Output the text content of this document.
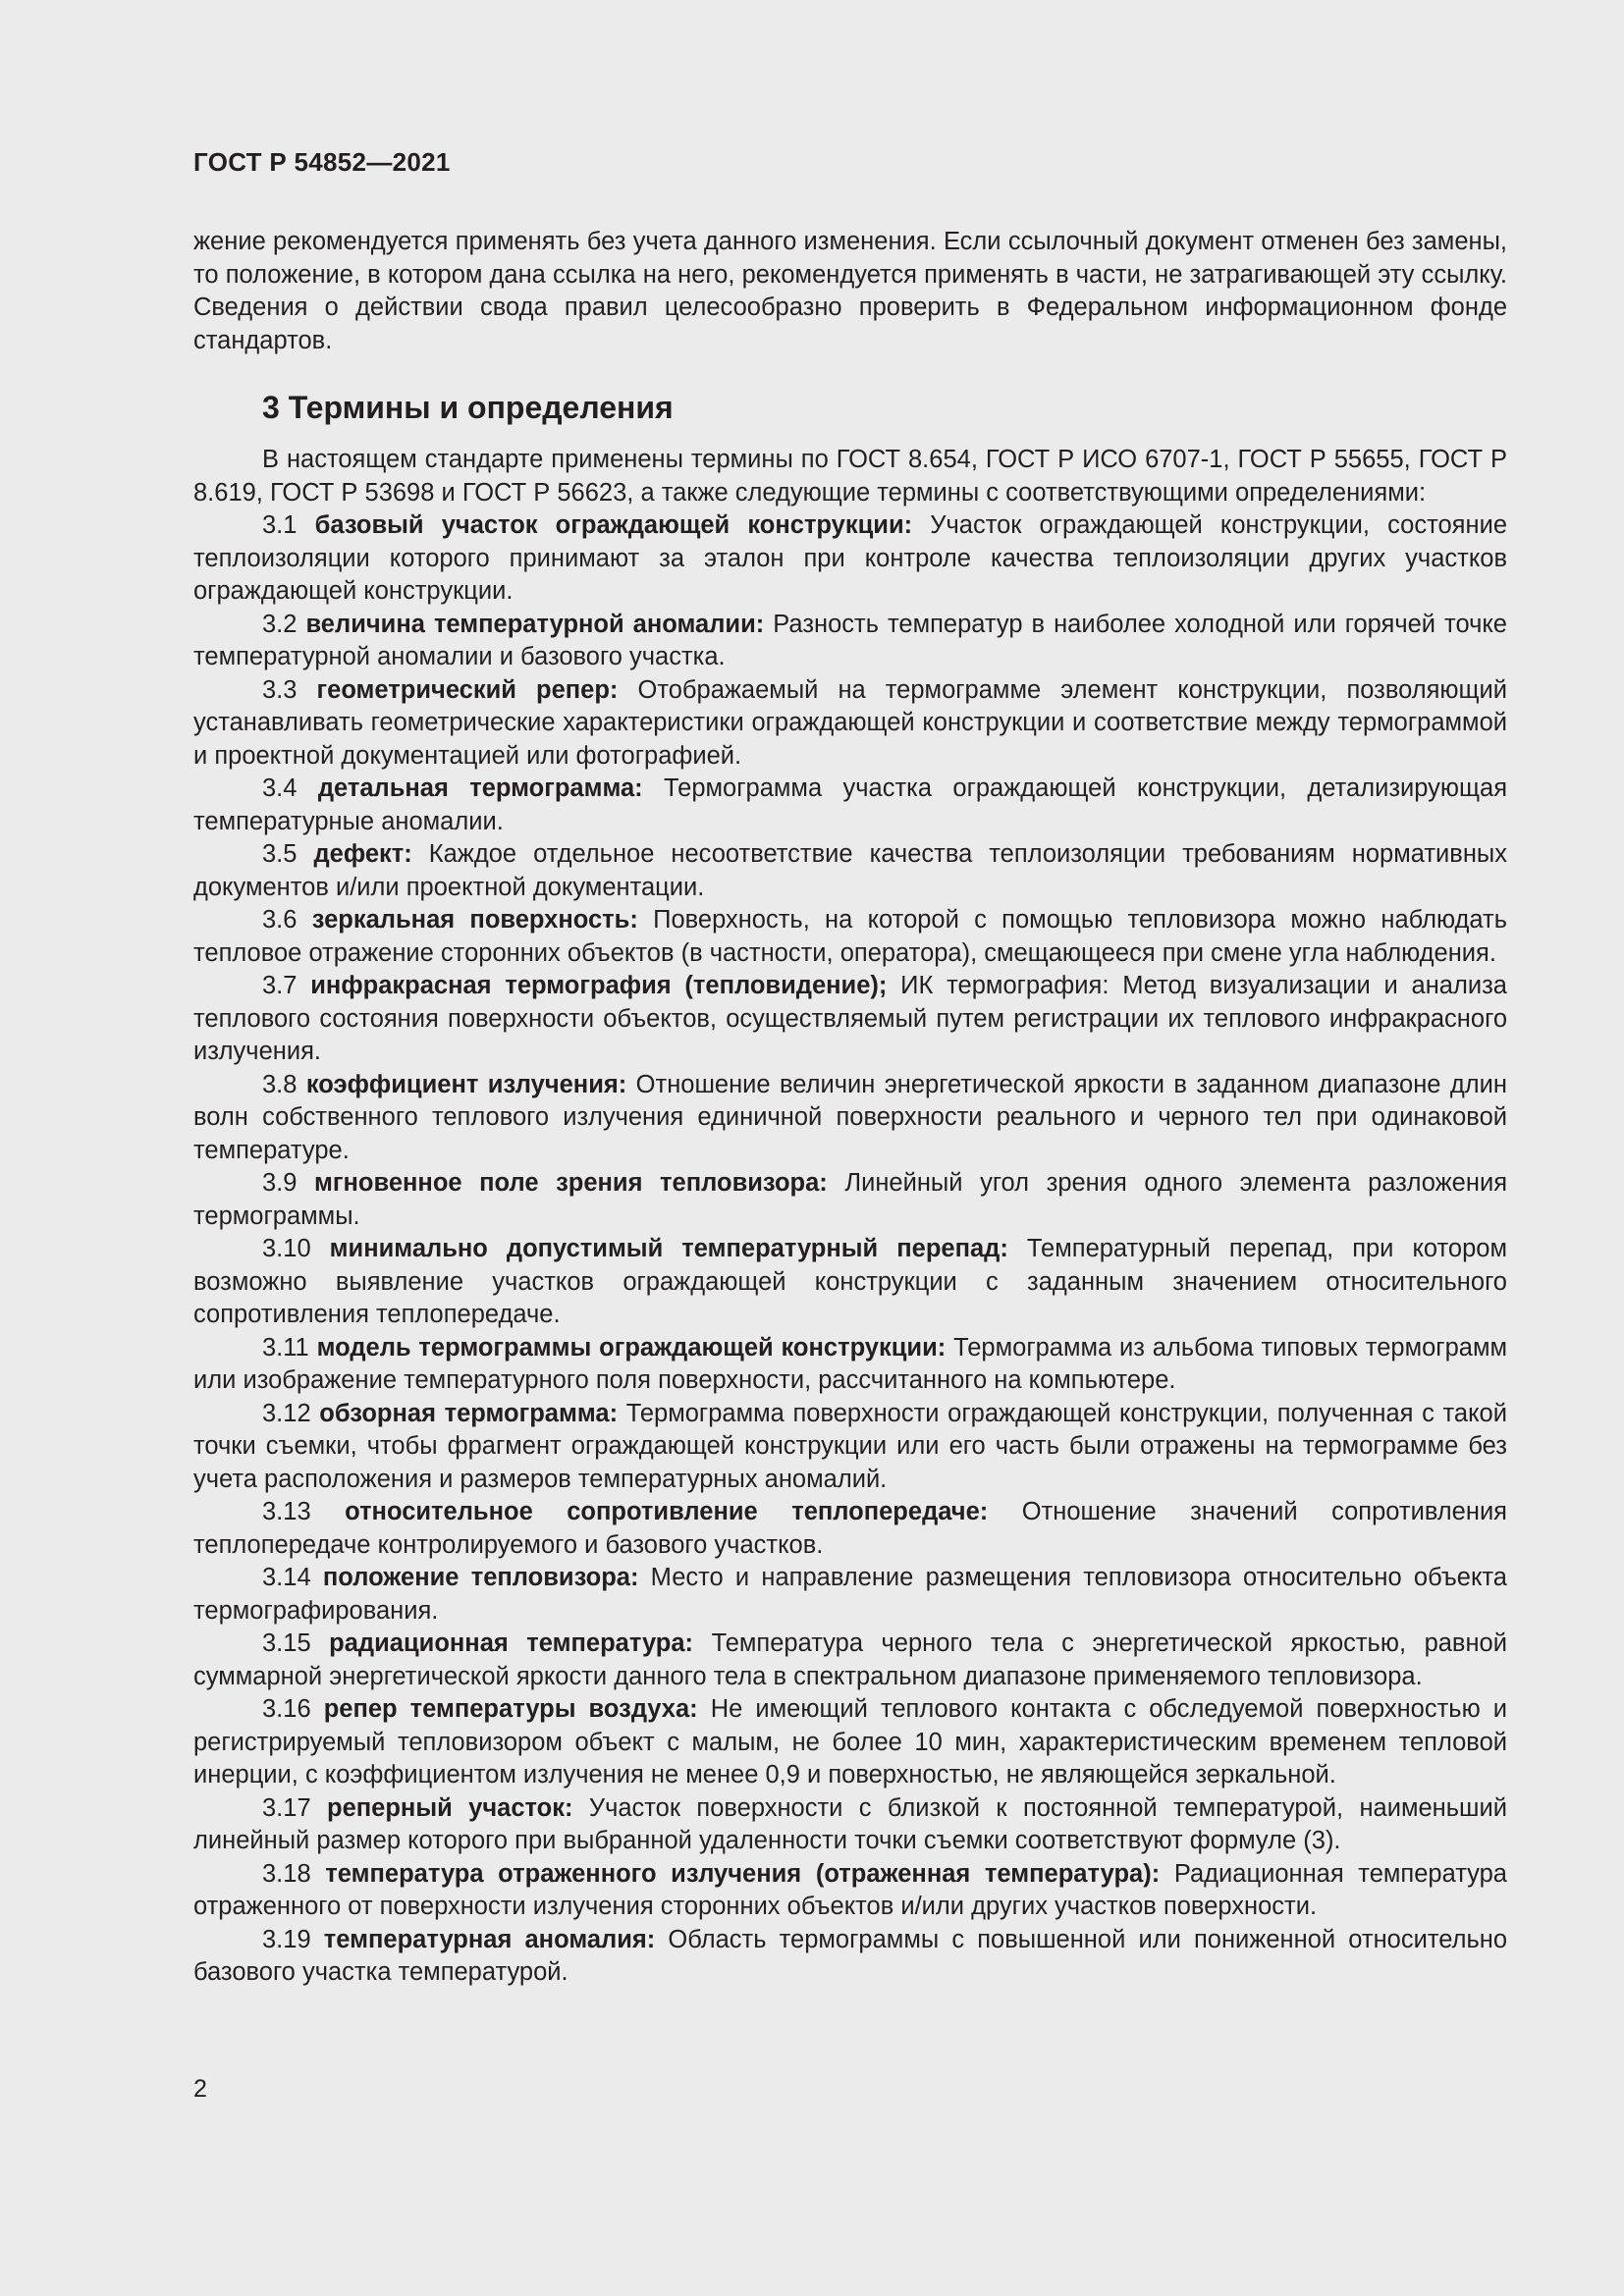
ГОСТ Р 54852—2021

жение рекомендуется применять без учета данного изменения. Если ссылочный документ отменен без замены, то положение, в котором дана ссылка на него, рекомендуется применять в части, не затрагивающей эту ссылку. Сведения о действии свода правил целесообразно проверить в Федеральном информационном фонде стандартов.

3 Термины и определения

В настоящем стандарте применены термины по ГОСТ 8.654, ГОСТ Р ИСО 6707-1, ГОСТ Р 55655, ГОСТ Р 8.619, ГОСТ Р 53698 и ГОСТ Р 56623, а также следующие термины с соответствующими определениями:

3.1 базовый участок ограждающей конструкции: Участок ограждающей конструкции, состояние теплоизоляции которого принимают за эталон при контроле качества теплоизоляции других участков ограждающей конструкции.

3.2 величина температурной аномалии: Разность температур в наиболее холодной или горячей точке температурной аномалии и базового участка.

3.3 геометрический репер: Отображаемый на термограмме элемент конструкции, позволяющий устанавливать геометрические характеристики ограждающей конструкции и соответствие между термограммой и проектной документацией или фотографией.

3.4 детальная термограмма: Термограмма участка ограждающей конструкции, детализирующая температурные аномалии.

3.5 дефект: Каждое отдельное несоответствие качества теплоизоляции требованиям нормативных документов и/или проектной документации.

3.6 зеркальная поверхность: Поверхность, на которой с помощью тепловизора можно наблюдать тепловое отражение сторонних объектов (в частности, оператора), смещающееся при смене угла наблюдения.

3.7 инфракрасная термография (тепловидение); ИК термография: Метод визуализации и анализа теплового состояния поверхности объектов, осуществляемый путем регистрации их теплового инфракрасного излучения.

3.8 коэффициент излучения: Отношение величин энергетической яркости в заданном диапазоне длин волн собственного теплового излучения единичной поверхности реального и черного тел при одинаковой температуре.

3.9 мгновенное поле зрения тепловизора: Линейный угол зрения одного элемента разложения термограммы.

3.10 минимально допустимый температурный перепад: Температурный перепад, при котором возможно выявление участков ограждающей конструкции с заданным значением относительного сопротивления теплопередаче.

3.11 модель термограммы ограждающей конструкции: Термограмма из альбома типовых термограмм или изображение температурного поля поверхности, рассчитанного на компьютере.

3.12 обзорная термограмма: Термограмма поверхности ограждающей конструкции, полученная с такой точки съемки, чтобы фрагмент ограждающей конструкции или его часть были отражены на термограмме без учета расположения и размеров температурных аномалий.

3.13 относительное сопротивление теплопередаче: Отношение значений сопротивления теплопередаче контролируемого и базового участков.

3.14 положение тепловизора: Место и направление размещения тепловизора относительно объекта термографирования.

3.15 радиационная температура: Температура черного тела с энергетической яркостью, равной суммарной энергетической яркости данного тела в спектральном диапазоне применяемого тепловизора.

3.16 репер температуры воздуха: Не имеющий теплового контакта с обследуемой поверхностью и регистрируемый тепловизором объект с малым, не более 10 мин, характеристическим временем тепловой инерции, с коэффициентом излучения не менее 0,9 и поверхностью, не являющейся зеркальной.

3.17 реперный участок: Участок поверхности с близкой к постоянной температурой, наименьший линейный размер которого при выбранной удаленности точки съемки соответствуют формуле (3).

3.18 температура отраженного излучения (отраженная температура): Радиационная температура отраженного от поверхности излучения сторонних объектов и/или других участков поверхности.

3.19 температурная аномалия: Область термограммы с повышенной или пониженной относительно базового участка температурой.

2
